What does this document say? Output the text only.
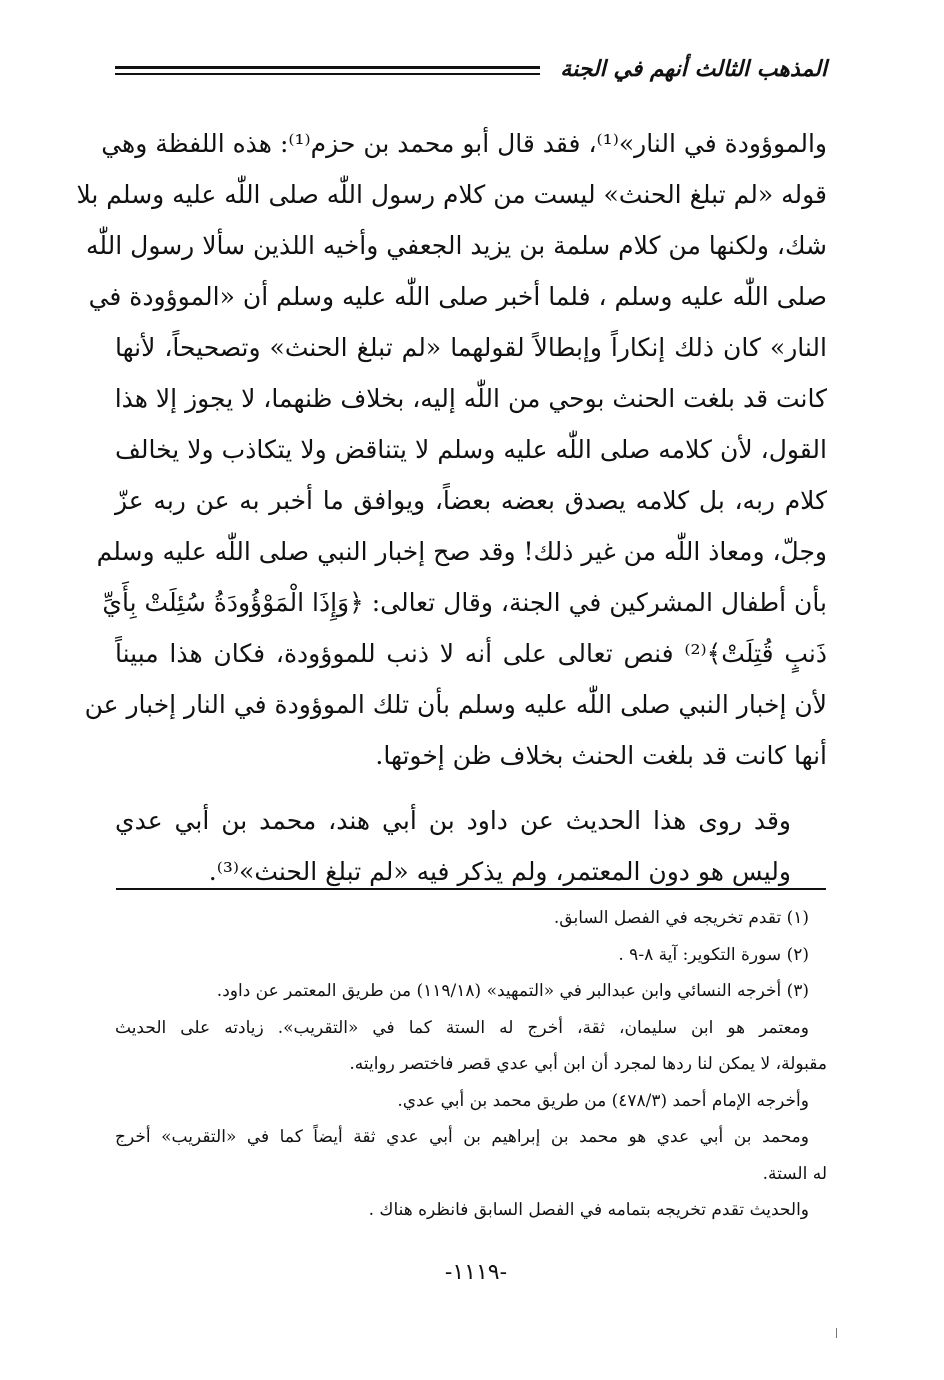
المذهب الثالث أنهم في الجنة

والموؤودة في النار»⁽¹⁾، فقد قال أبو محمد بن حزم⁽¹⁾: هذه اللفظة وهي
قوله «لم تبلغ الحنث» ليست من كلام رسول اللّٰه صلى اللّٰه عليه وسلم بلا
شك، ولكنها من كلام سلمة بن يزيد الجعفي وأخيه اللذين سألا رسول اللّٰه
صلى اللّٰه عليه وسلم ، فلما أخبر صلى اللّٰه عليه وسلم أن «الموؤودة في
النار» كان ذلك إنكاراً وإبطالاً لقولهما «لم تبلغ الحنث» وتصحيحاً، لأنها
كانت قد بلغت الحنث بوحي من اللّٰه إليه، بخلاف ظنهما، لا يجوز إلا هذا
القول، لأن كلامه صلى اللّٰه عليه وسلم لا يتناقض ولا يتكاذب ولا يخالف
كلام ربه، بل كلامه يصدق بعضه بعضاً، ويوافق ما أخبر به عن ربه عزّ
وجلّ، ومعاذ اللّٰه من غير ذلك! وقد صح إخبار النبي صلى اللّٰه عليه وسلم
بأن أطفال المشركين في الجنة، وقال تعالى: ﴿وَإِذَا الْمَوْؤُودَةُ سُئِلَتْ بِأَيِّ
ذَنبٍ قُتِلَتْ﴾⁽²⁾ فنص تعالى على أنه لا ذنب للموؤودة، فكان هذا مبيناً
لأن إخبار النبي صلى اللّٰه عليه وسلم بأن تلك الموؤودة في النار إخبار عن
أنها كانت قد بلغت الحنث بخلاف ظن إخوتها.

وقد روى هذا الحديث عن داود بن أبي هند، محمد بن أبي عدي
وليس هو دون المعتمر، ولم يذكر فيه «لم تبلغ الحنث»⁽³⁾.

(١) تقدم تخريجه في الفصل السابق.
(٢) سورة التكوير: آية ٨-٩ .
(٣) أخرجه النسائي وابن عبدالبر في «التمهيد» (١١٩/١٨) من طريق المعتمر عن داود.
ومعتمر هو ابن سليمان، ثقة، أخرج له الستة كما في «التقريب». زيادته على الحديث
مقبولة، لا يمكن لنا ردها لمجرد أن ابن أبي عدي قصر فاختصر روايته.
وأخرجه الإمام أحمد (٤٧٨/٣) من طريق محمد بن أبي عدي.
ومحمد بن أبي عدي هو محمد بن إبراهيم بن أبي عدي ثقة أيضاً كما في «التقريب» أخرج
له الستة.
والحديث تقدم تخريجه بتمامه في الفصل السابق فانظره هناك .
-١١١٩-
